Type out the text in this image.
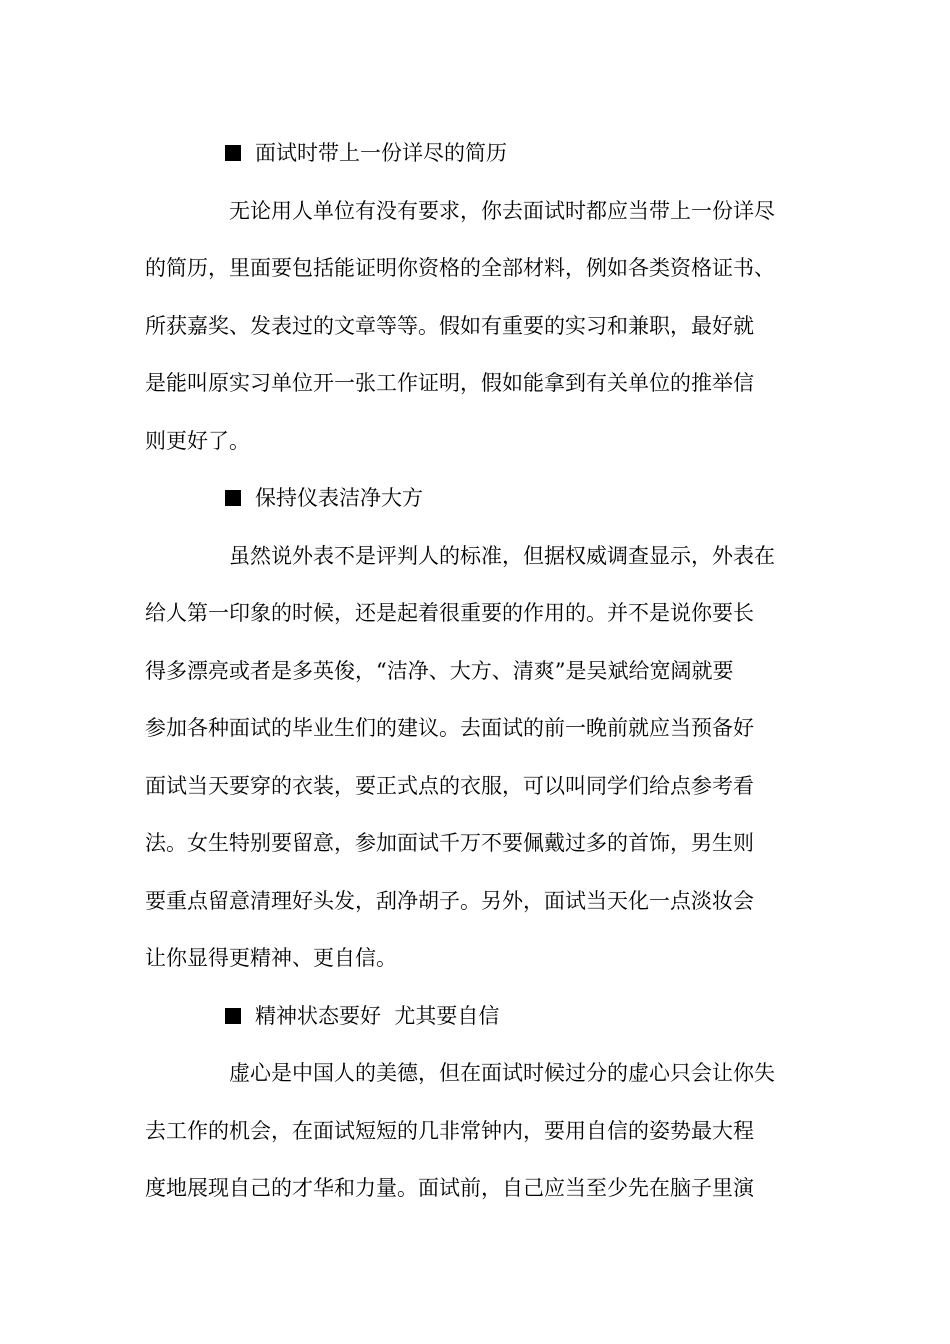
面试时带上一份详尽的简历
无论用人单位有没有要求，你去面试时都应当带上一份详尽
的简历，里面要包括能证明你资格的全部材料，例如各类资格证书、
所获嘉奖、发表过的文章等等。假如有重要的实习和兼职，最好就
是能叫原实习单位开一张工作证明，假如能拿到有关单位的推举信
则更好了。
保持仪表洁净大方
虽然说外表不是评判人的标准，但据权威调查显示，外表在
给人第一印象的时候，还是起着很重要的作用的。并不是说你要长
得多漂亮或者是多英俊，“洁净、大方、清爽”是吴斌给宽阔就要
参加各种面试的毕业生们的建议。去面试的前一晚前就应当预备好
面试当天要穿的衣装，要正式点的衣服，可以叫同学们给点参考看
法。女生特别要留意，参加面试千万不要佩戴过多的首饰，男生则
要重点留意清理好头发，刮净胡子。另外，面试当天化一点淡妆会
让你显得更精神、更自信。
精神状态要好  尤其要自信
虚心是中国人的美德，但在面试时候过分的虚心只会让你失
去工作的机会，在面试短短的几非常钟内，要用自信的姿势最大程
度地展现自己的才华和力量。面试前，自己应当至少先在脑子里演
